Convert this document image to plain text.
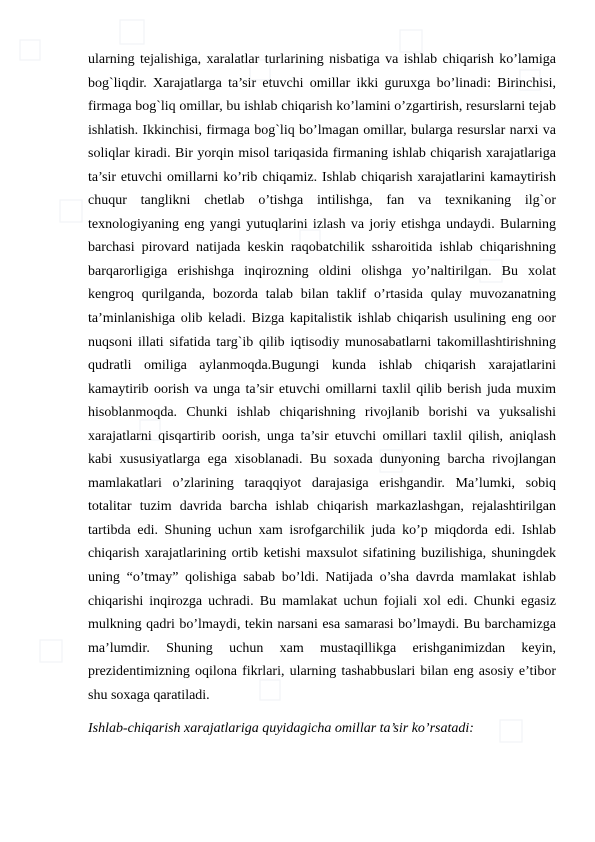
ularning tejalishiga, xaralatlar turlarining nisbatiga va ishlab chiqarish ko’lamiga bog`liqdir. Xarajatlarga ta’sir etuvchi omillar ikki guruxga bo’linadi: Birinchisi, firmaga bog`liq omillar, bu ishlab chiqarish ko’lamini o’zgartirish, resurslarni tejab ishlatish. Ikkinchisi, firmaga bog`liq bo’lmagan omillar, bularga resurslar narxi va soliqlar kiradi. Bir yorqin misol tariqasida firmaning ishlab chiqarish xarajatlariga ta’sir etuvchi omillarni ko’rib chiqamiz. Ishlab chiqarish xarajatlarini kamaytirish chuqur tanglikni chetlab o’tishga intilishga, fan va texnikaning ilg`or texnologiyaning eng yangi yutuqlarini izlash va joriy etishga undaydi. Bularning barchasi pirovard natijada keskin raqobatchilik ssharoitida ishlab chiqarishning barqarorligiga erishishga inqirozning oldini olishga yo’naltirilgan. Bu xolat kengroq qurilganda, bozorda talab bilan taklif o’rtasida qulay muvozanatning ta’minlanishiga olib keladi. Bizga kapitalistik ishlab chiqarish usulining eng oor nuqsoni illati sifatida targ`ib qilib iqtisodiy munosabatlarni takomillashtirishning qudratli omiliga aylanmoqda.Bugungi kunda ishlab chiqarish xarajatlarini kamaytirib oorish va unga ta’sir etuvchi omillarni taxlil qilib berish juda muxim hisoblanmoqda. Chunki ishlab chiqarishning rivojlanib borishi va yuksalishi xarajatlarni qisqartirib oorish, unga ta’sir etuvchi omillari taxlil qilish, aniqlash kabi xususiyatlarga ega xisoblanadi. Bu soxada dunyoning barcha rivojlangan mamlakatlari o’zlarining taraqqiyot darajasiga erishgandir. Ma’lumki, sobiq totalitar tuzim davrida barcha ishlab chiqarish markazlashgan, rejalashtirilgan tartibda edi. Shuning uchun xam isrofgarchilik juda ko’p miqdorda edi. Ishlab chiqarish xarajatlarining ortib ketishi maxsulot sifatining buzilishiga, shuningdek uning “o’tmay” qolishiga sabab bo’ldi. Natijada o’sha davrda mamlakat ishlab chiqarishi inqirozga uchradi. Bu mamlakat uchun fojiali xol edi. Chunki egasiz mulkning qadri bo’lmaydi, tekin narsani esa samarasi bo’lmaydi. Bu barchamizga ma’lumdir. Shuning uchun xam mustaqillikga erishganimizdan keyin, prezidentimizning oqilona fikrlari, ularning tashabbuslari bilan eng asosiy e’tibor shu soxaga qaratiladi.

Ishlab-chiqarish xarajatlariga quyidagicha omillar ta’sir ko’rsatadi:
